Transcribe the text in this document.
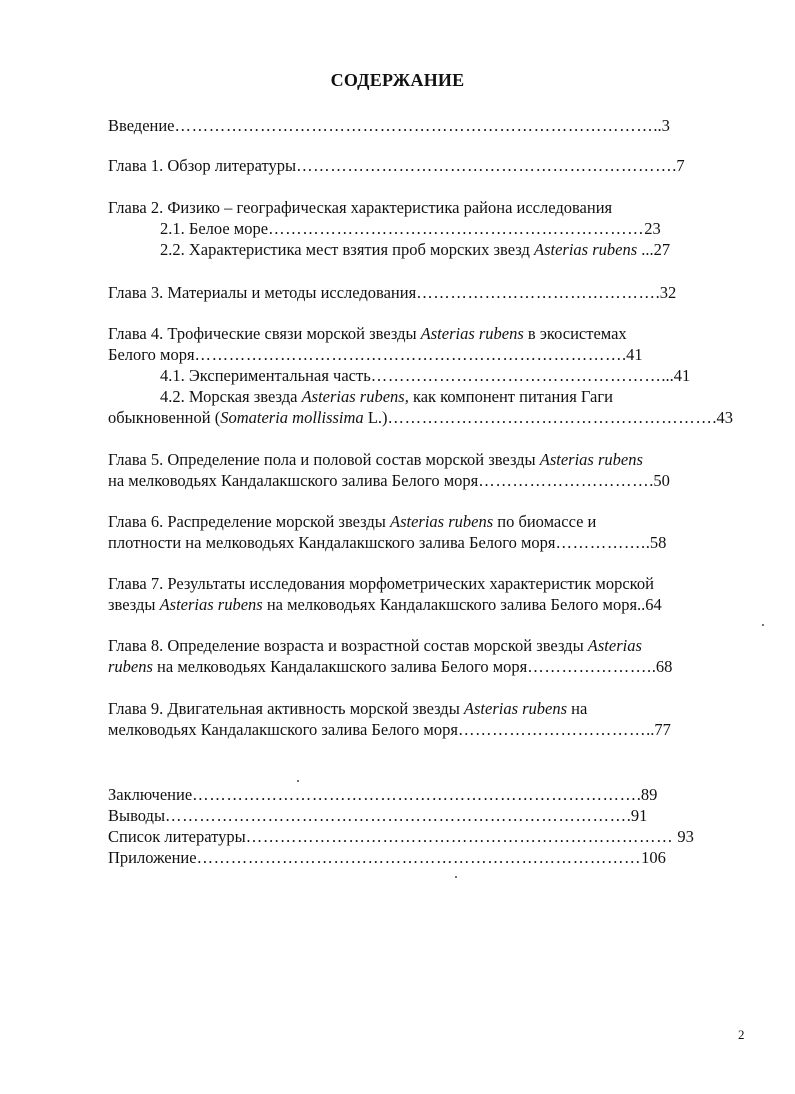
СОДЕРЖАНИЕ
Введение…………………………………………………………………………..3
Глава 1. Обзор литературы………………………………………………………….7
Глава 2. Физико – географическая характеристика района исследования
2.1. Белое море…………………………………………………………23
2.2. Характеристика мест взятия проб морских звезд Asterias rubens ...27
Глава 3. Материалы и методы исследования…………………………………….32
Глава 4. Трофические связи морской звезды Asterias rubens в экосистемах
Белого моря………………………………………………………………….41
4.1. Экспериментальная часть……………………………………………...41
4.2. Морская звезда Asterias rubens, как компонент питания Гаги
обыкновенной (Somateria mollissima L.)………………………………………………….43
Глава 5. Определение пола и половой состав морской звезды Asterias rubens
на мелководьях Кандалакшского залива Белого моря………………………….50
Глава 6. Распределение морской звезды Asterias rubens по биомассе и
плотности на мелководьях Кандалакшского залива Белого моря……………..58
Глава 7. Результаты исследования морфометрических характеристик морской
звезды Asterias rubens на мелководьях Кандалакшского залива Белого моря..64
Глава 8. Определение возраста и возрастной состав морской звезды Asterias
rubens на мелководьях Кандалакшского залива Белого моря…………………..68
Глава 9. Двигательная активность морской звезды Asterias rubens на
мелководьях Кандалакшского залива Белого моря……………………………..77
Заключение…………………………………………………………………….89
Выводы……………………………………………………………………….91
Список литературы………………………………………………………………… 93
Приложение……………………………………………………………………106
2
